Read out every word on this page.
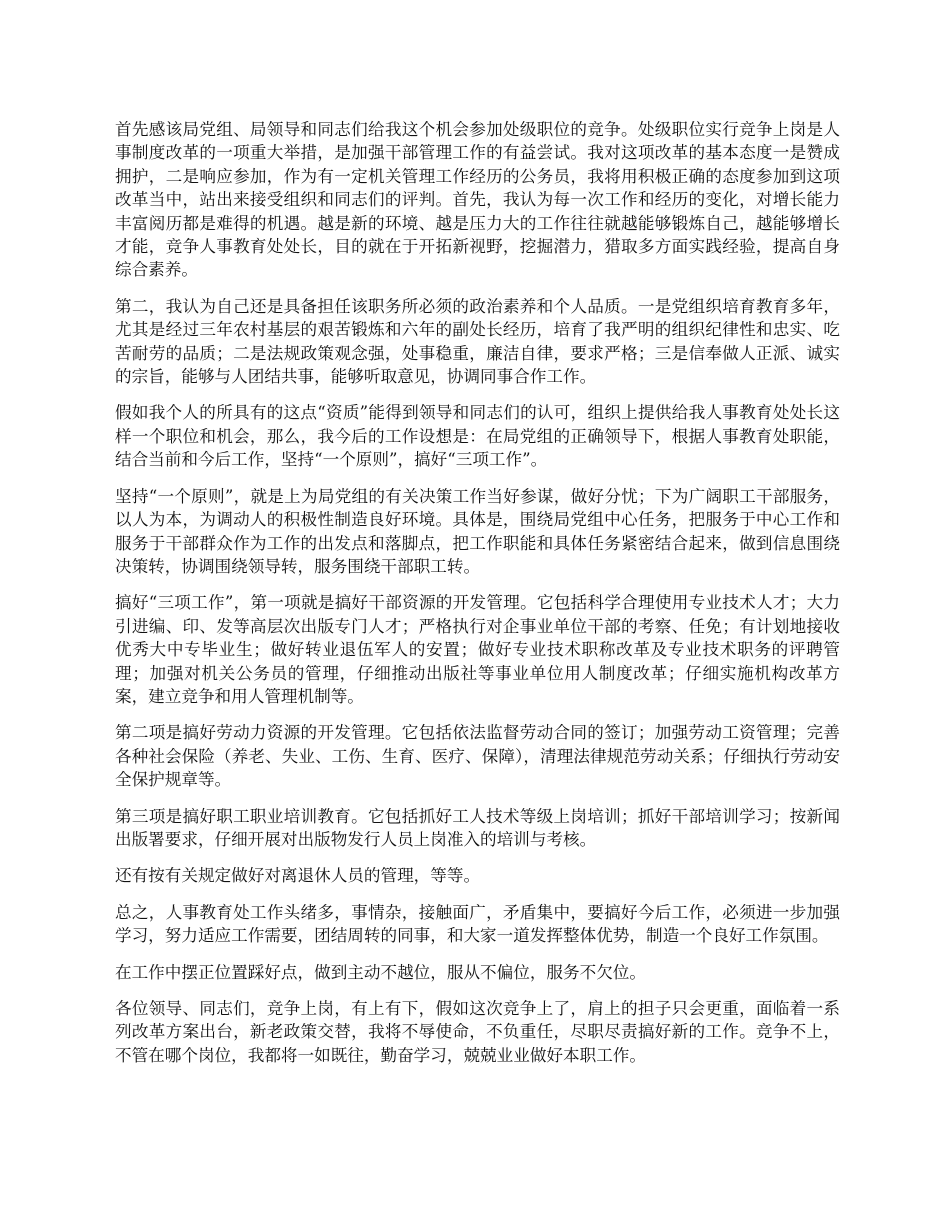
首先感该局党组、局领导和同志们给我这个机会参加处级职位的竞争。处级职位实行竞争上岗是人事制度改革的一项重大举措，是加强干部管理工作的有益尝试。我对这项改革的基本态度一是赞成拥护，二是响应参加，作为有一定机关管理工作经历的公务员，我将用积极正确的态度参加到这项改革当中，站出来接受组织和同志们的评判。首先，我认为每一次工作和经历的变化，对增长能力丰富阅历都是难得的机遇。越是新的环境、越是压力大的工作往往就越能够锻炼自己，越能够增长才能，竞争人事教育处处长，目的就在于开拓新视野，挖掘潜力，猎取多方面实践经验，提高自身综合素养。

第二，我认为自己还是具备担任该职务所必须的政治素养和个人品质。一是党组织培育教育多年，尤其是经过三年农村基层的艰苦锻炼和六年的副处长经历，培育了我严明的组织纪律性和忠实、吃苦耐劳的品质；二是法规政策观念强，处事稳重，廉洁自律，要求严格；三是信奉做人正派、诚实的宗旨，能够与人团结共事，能够听取意见，协调同事合作工作。

假如我个人的所具有的这点“资质”能得到领导和同志们的认可，组织上提供给我人事教育处处长这样一个职位和机会，那么，我今后的工作设想是：在局党组的正确领导下，根据人事教育处职能，结合当前和今后工作，坚持“一个原则”，搞好“三项工作”。

坚持“一个原则”，就是上为局党组的有关决策工作当好参谋，做好分忧；下为广阔职工干部服务，以人为本，为调动人的积极性制造良好环境。具体是，围绕局党组中心任务，把服务于中心工作和服务于干部群众作为工作的出发点和落脚点，把工作职能和具体任务紧密结合起来，做到信息围绕决策转，协调围绕领导转，服务围绕干部职工转。

搞好“三项工作”，第一项就是搞好干部资源的开发管理。它包括科学合理使用专业技术人才；大力引进编、印、发等高层次出版专门人才；严格执行对企事业单位干部的考察、任免；有计划地接收优秀大中专毕业生；做好转业退伍军人的安置；做好专业技术职称改革及专业技术职务的评聘管理；加强对机关公务员的管理，仔细推动出版社等事业单位用人制度改革；仔细实施机构改革方案，建立竞争和用人管理机制等。

第二项是搞好劳动力资源的开发管理。它包括依法监督劳动合同的签订；加强劳动工资管理；完善各种社会保险（养老、失业、工伤、生育、医疗、保障），清理法律规范劳动关系；仔细执行劳动安全保护规章等。

第三项是搞好职工职业培训教育。它包括抓好工人技术等级上岗培训；抓好干部培训学习；按新闻出版署要求，仔细开展对出版物发行人员上岗准入的培训与考核。

还有按有关规定做好对离退休人员的管理，等等。

总之，人事教育处工作头绪多，事情杂，接触面广，矛盾集中，要搞好今后工作，必须进一步加强学习，努力适应工作需要，团结周转的同事，和大家一道发挥整体优势，制造一个良好工作氛围。

在工作中摆正位置踩好点，做到主动不越位，服从不偏位，服务不欠位。

各位领导、同志们，竞争上岗，有上有下，假如这次竞争上了，肩上的担子只会更重，面临着一系列改革方案出台，新老政策交替，我将不辱使命，不负重任，尽职尽责搞好新的工作。竞争不上，不管在哪个岗位，我都将一如既往，勤奋学习，兢兢业业做好本职工作。
